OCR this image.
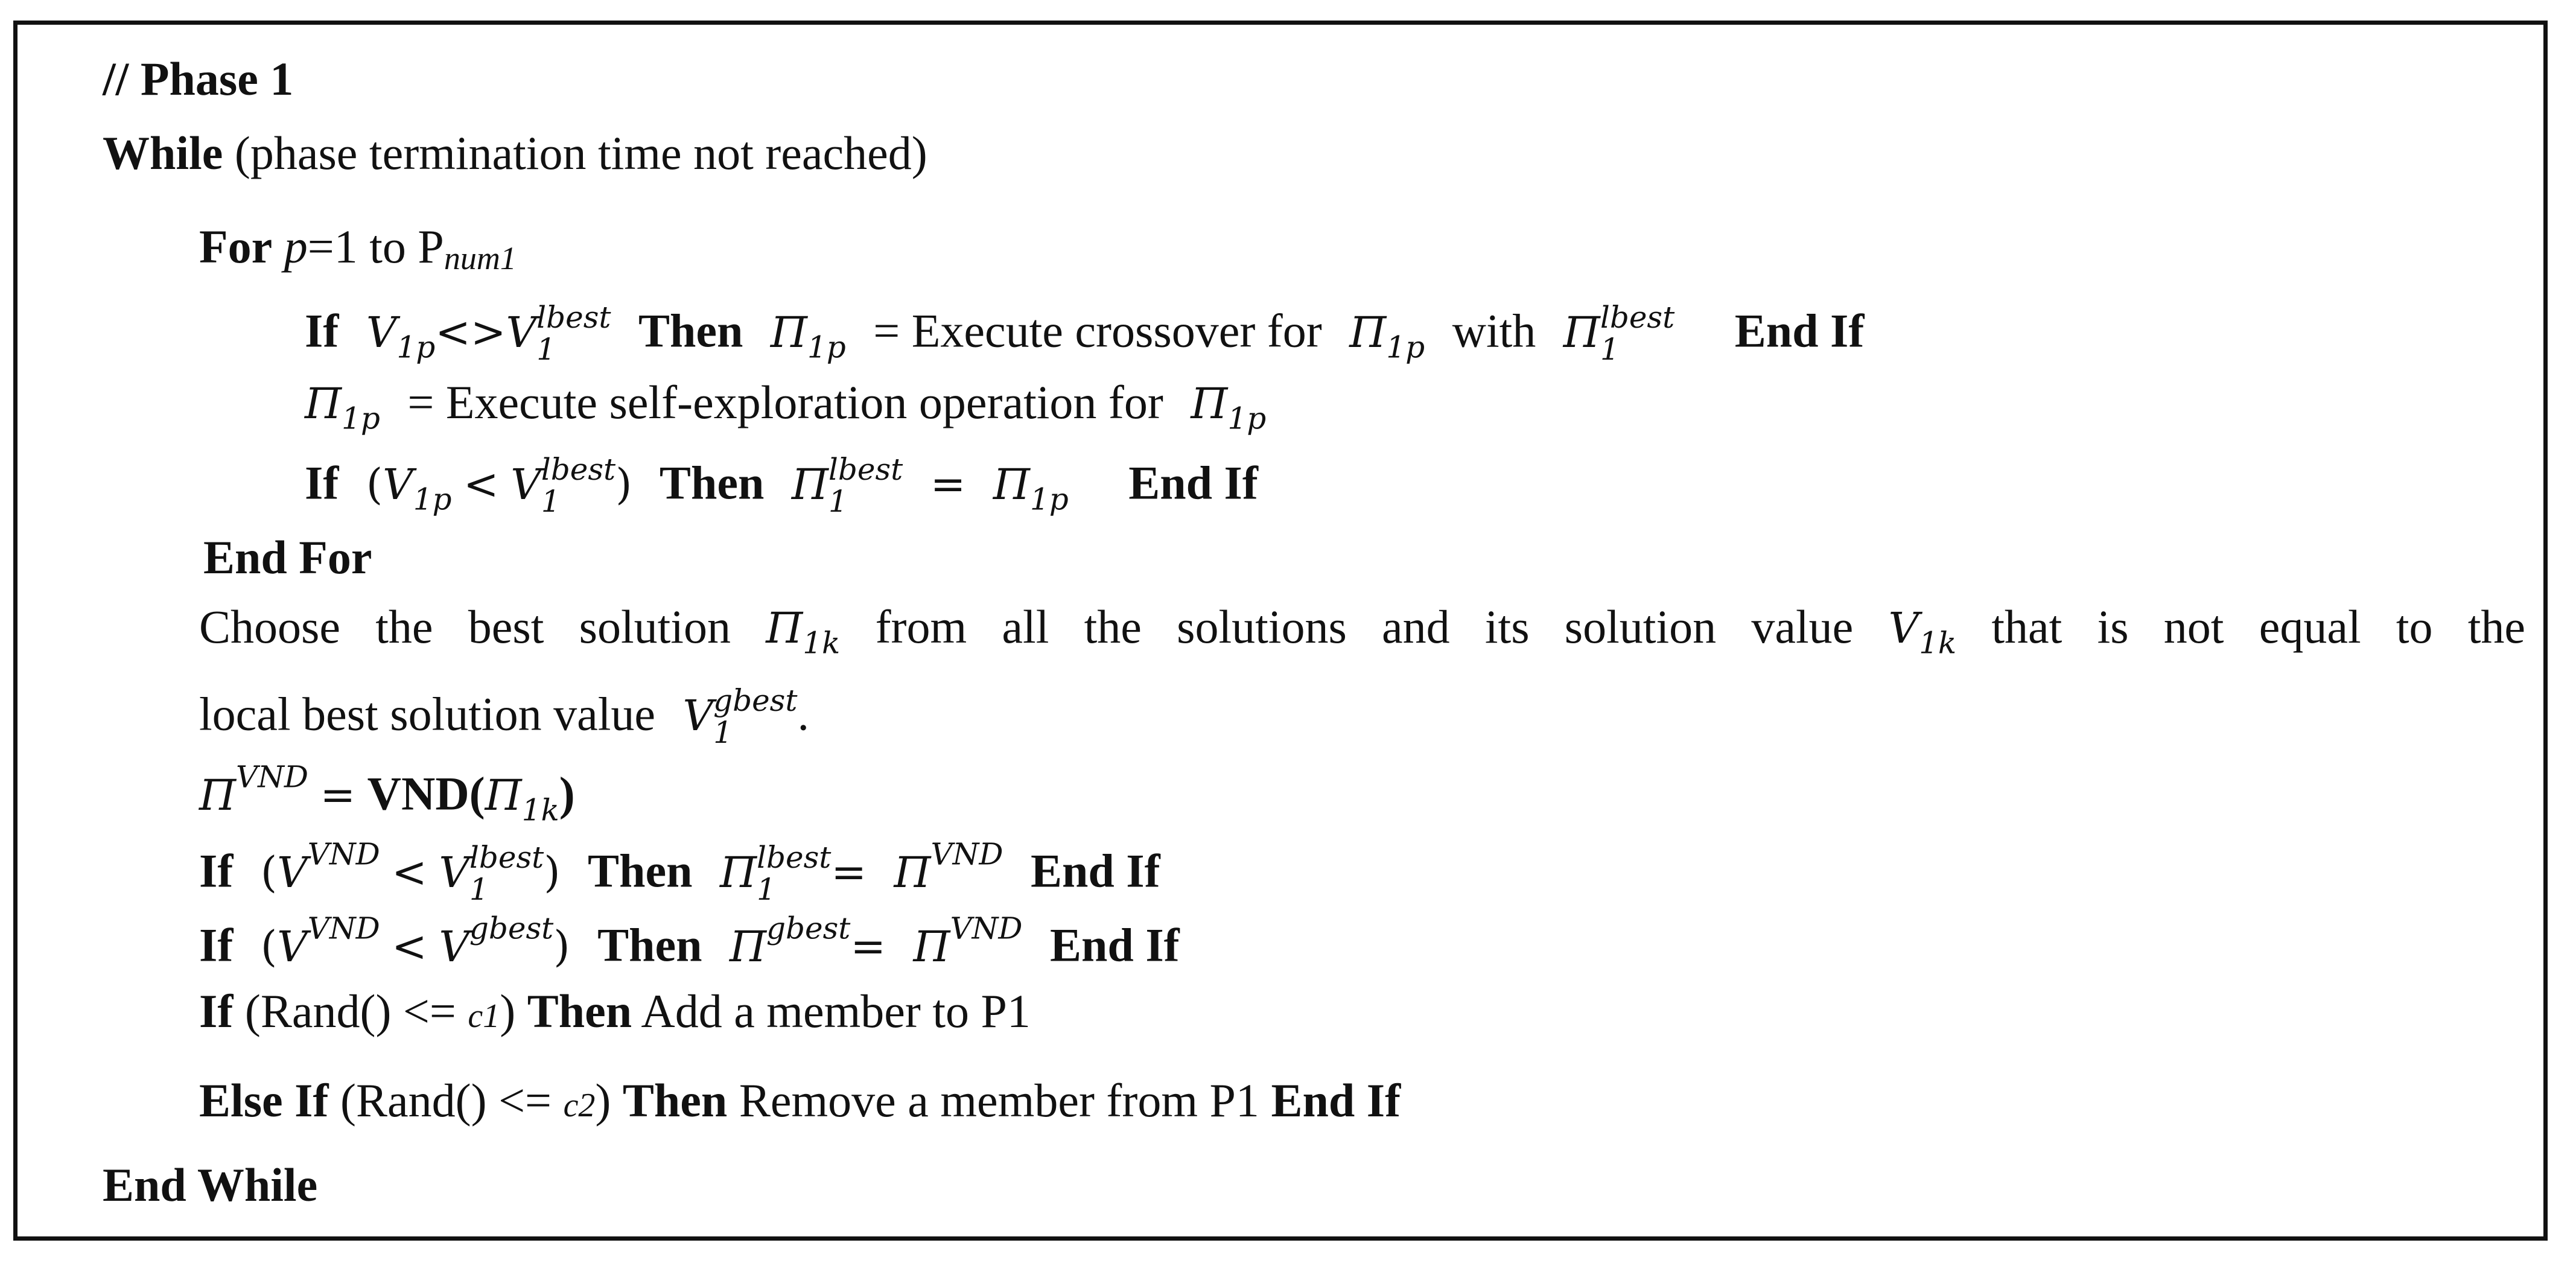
// Phase 1
While (phase termination time not reached)
For p=1 to Pnum1
If $V_{1p}<>V$ lbest
1	Then $\Pi_{1p}$ = Execute crossover for $\Pi_{1p}$ with Π lbest
1	End If
$\Pi_{1p}$ = Execute self-exploration operation for $\Pi_{1p}$
If ($V_{1p} < V$ lbest
1	) Then Π lbest
1	= $\Pi_{1p}$ End If
End For
Choose the best solution $\Pi_{1k}$ from all the solutions and its solution value $V_{1k}$ that is not equal to the
local best solution value V gbest
1	.
$\Pi^{VND} = VND(\Pi_{1k})$
If ($V^{VND} < V$ lbest
1	) Then Π lbest
1	= $\Pi^{VND}$ End If
If $(V^{VND} < V^{gbest})$ Then $\Pi^{gbest}= \Pi^{VND}$ End If
If (Rand() <= c1) Then Add a member to P1
Else If (Rand() <= c2) Then Remove a member from P1 End If
End While
